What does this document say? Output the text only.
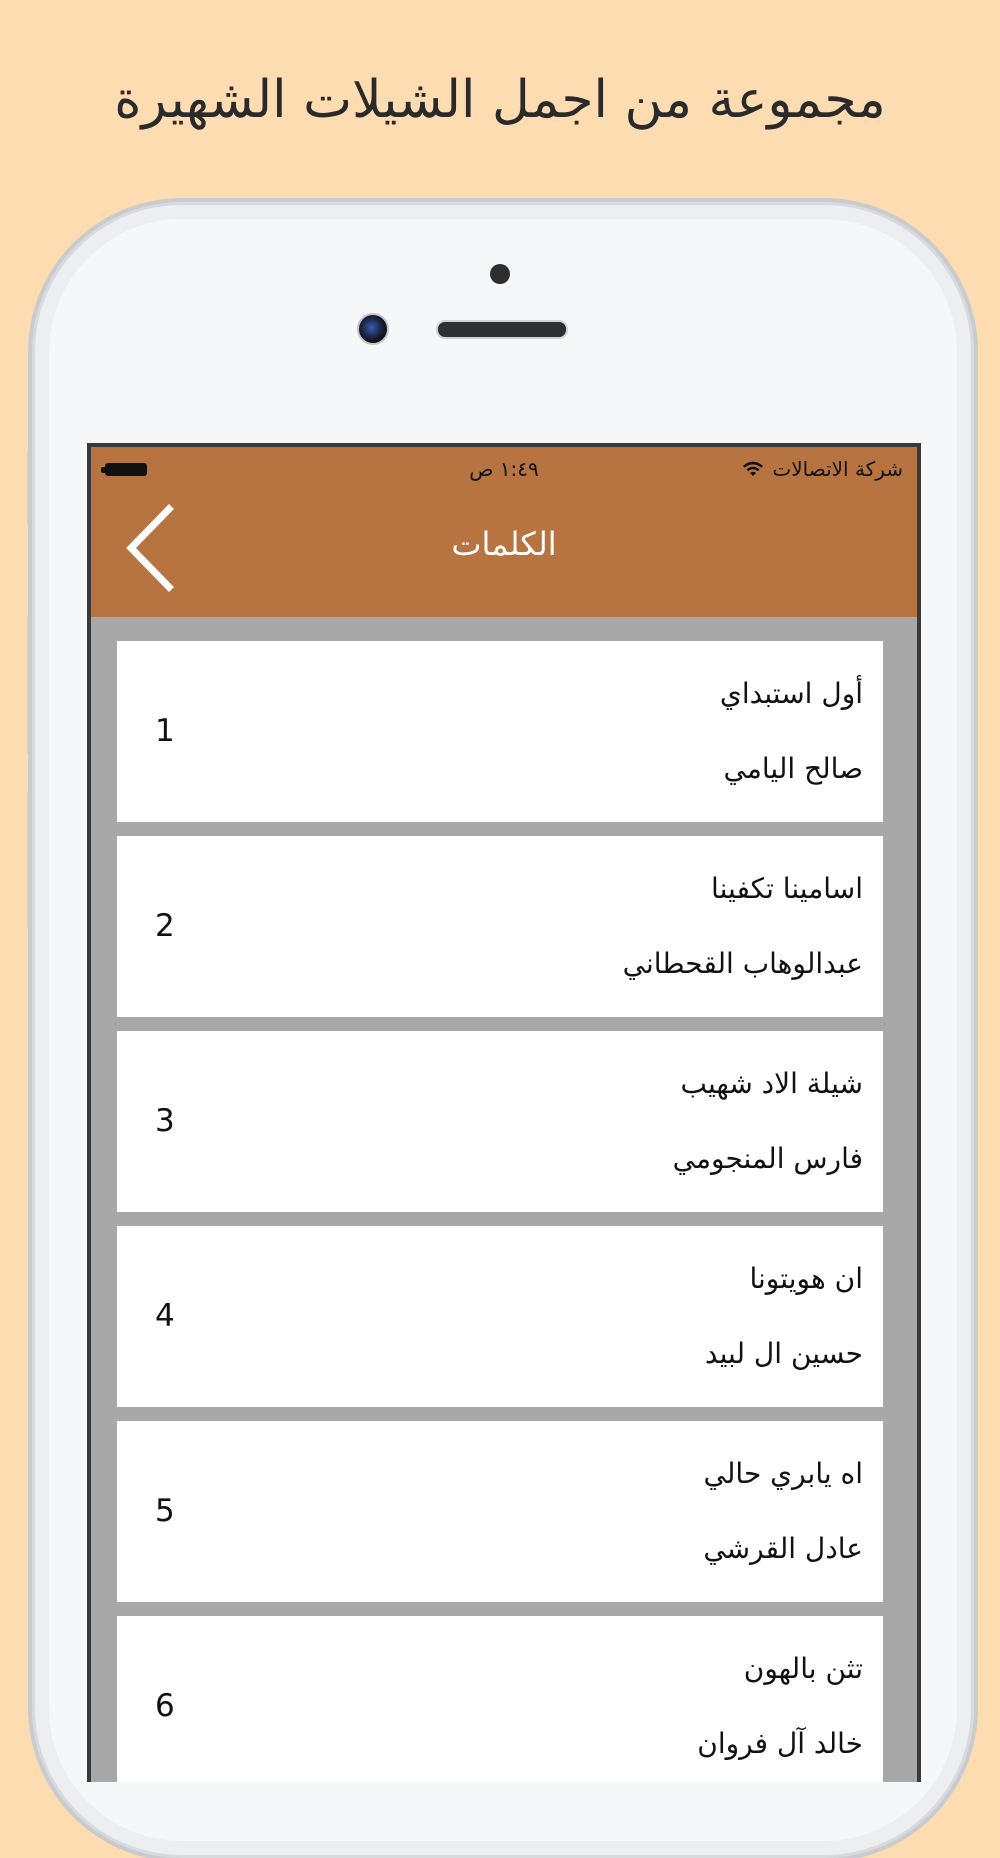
مجموعة من اجمل الشيلات الشهيرة
شركة الاتصالات
١:٤٩ ص
الكلمات
1
أول استبداي
صالح اليامي
2
اسامينا تكفينا
عبدالوهاب القحطاني
3
شيلة الاد شهيب
فارس المنجومي
4
ان هويتونا
حسين ال لبيد
5
اه يابري حالي
عادل القرشي
6
تثن بالهون
خالد آل فروان
